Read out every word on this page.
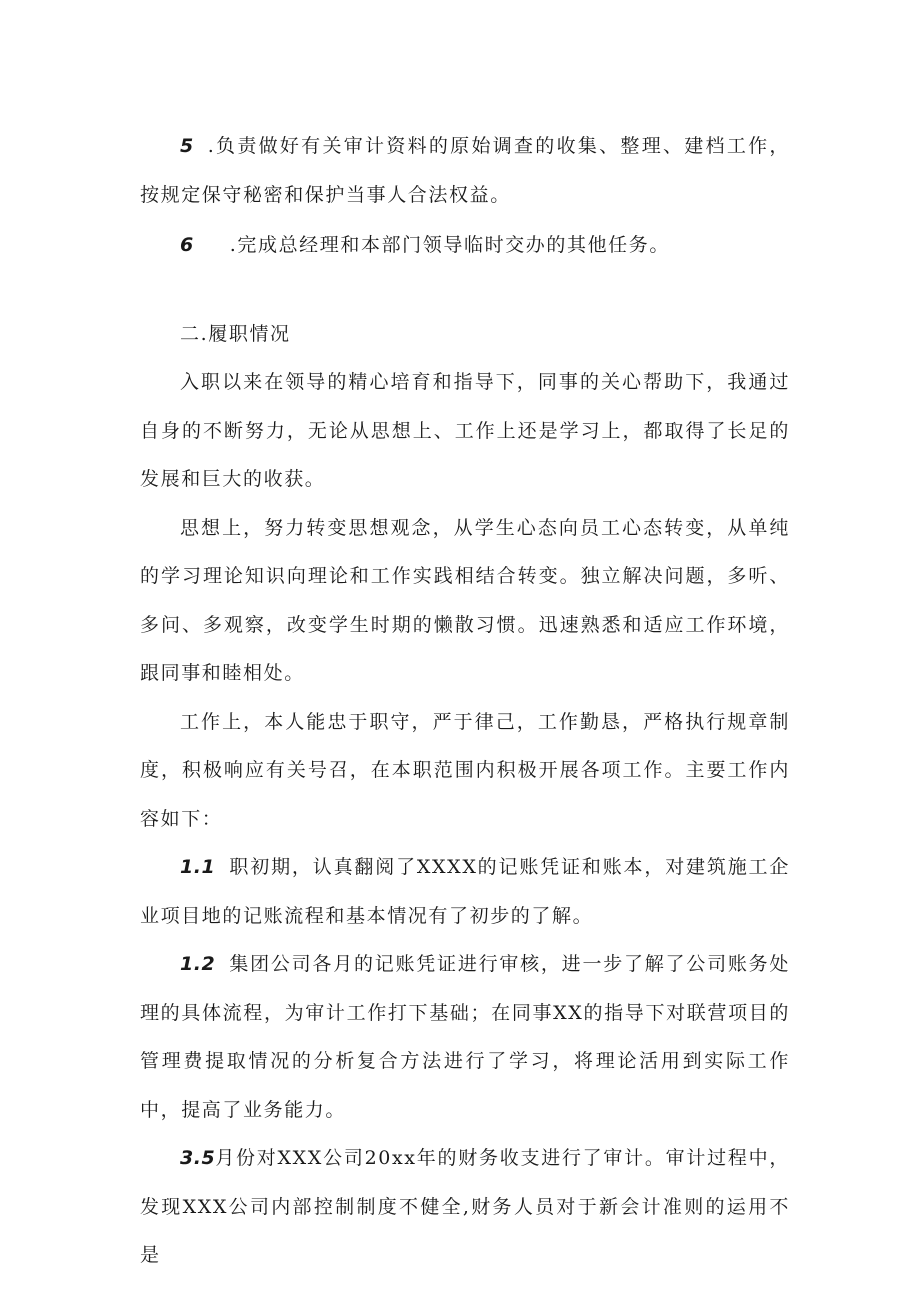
5 .负责做好有关审计资料的原始调查的收集、整理、建档工作，按规定保守秘密和保护当事人合法权益。

6 .完成总经理和本部门领导临时交办的其他任务。

二.履职情况

入职以来在领导的精心培育和指导下，同事的关心帮助下，我通过自身的不断努力，无论从思想上、工作上还是学习上，都取得了长足的发展和巨大的收获。

思想上，努力转变思想观念，从学生心态向员工心态转变，从单纯的学习理论知识向理论和工作实践相结合转变。独立解决问题，多听、多问、多观察，改变学生时期的懒散习惯。迅速熟悉和适应工作环境，跟同事和睦相处。

工作上，本人能忠于职守，严于律己，工作勤恳，严格执行规章制度，积极响应有关号召，在本职范围内积极开展各项工作。主要工作内容如下：

1.1 职初期，认真翻阅了XXXX的记账凭证和账本，对建筑施工企业项目地的记账流程和基本情况有了初步的了解。

1.2 集团公司各月的记账凭证进行审核，进一步了解了公司账务处理的具体流程，为审计工作打下基础；在同事XX的指导下对联营项目的管理费提取情况的分析复合方法进行了学习，将理论活用到实际工作中，提高了业务能力。

3.5月份对XXX公司20xx年的财务收支进行了审计。审计过程中，发现XXX公司内部控制制度不健全,财务人员对于新会计准则的运用不是
